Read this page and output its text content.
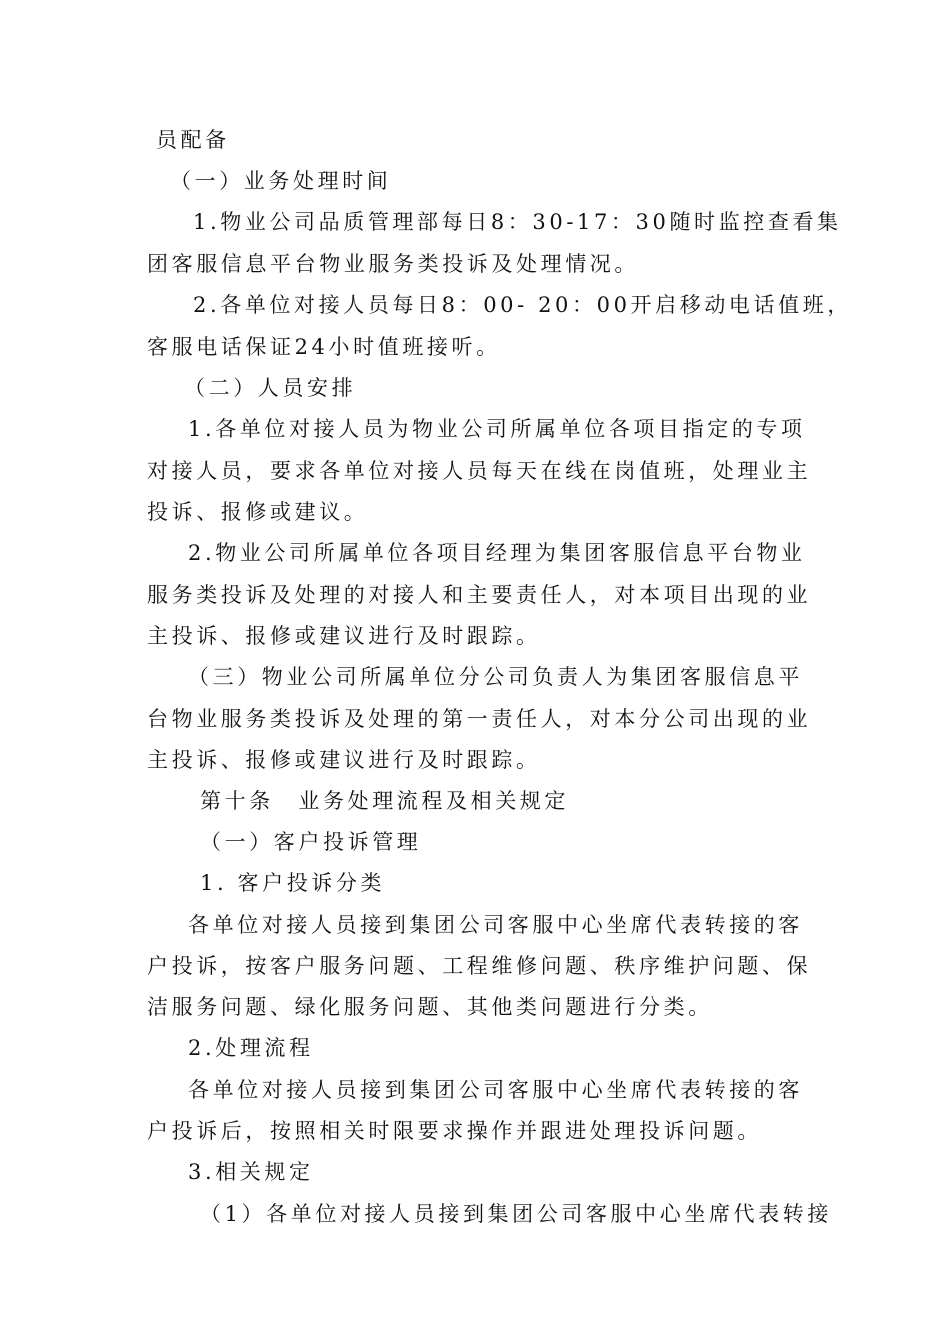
员配备
（一）业务处理时间
1.物业公司品质管理部每日8：30-17：30随时监控查看集
团客服信息平台物业服务类投诉及处理情况。
2.各单位对接人员每日8：00- 20：00开启移动电话值班，
客服电话保证24小时值班接听。
（二）人员安排
1.各单位对接人员为物业公司所属单位各项目指定的专项
对接人员，要求各单位对接人员每天在线在岗值班，处理业主
投诉、报修或建议。
2.物业公司所属单位各项目经理为集团客服信息平台物业
服务类投诉及处理的对接人和主要责任人，对本项目出现的业
主投诉、报修或建议进行及时跟踪。
（三）物业公司所属单位分公司负责人为集团客服信息平
台物业服务类投诉及处理的第一责任人，对本分公司出现的业
主投诉、报修或建议进行及时跟踪。
第十条　业务处理流程及相关规定
（一）客户投诉管理
1. 客户投诉分类
各单位对接人员接到集团公司客服中心坐席代表转接的客
户投诉，按客户服务问题、工程维修问题、秩序维护问题、保
洁服务问题、绿化服务问题、其他类问题进行分类。
2.处理流程
各单位对接人员接到集团公司客服中心坐席代表转接的客
户投诉后，按照相关时限要求操作并跟进处理投诉问题。
3.相关规定
（1）各单位对接人员接到集团公司客服中心坐席代表转接
